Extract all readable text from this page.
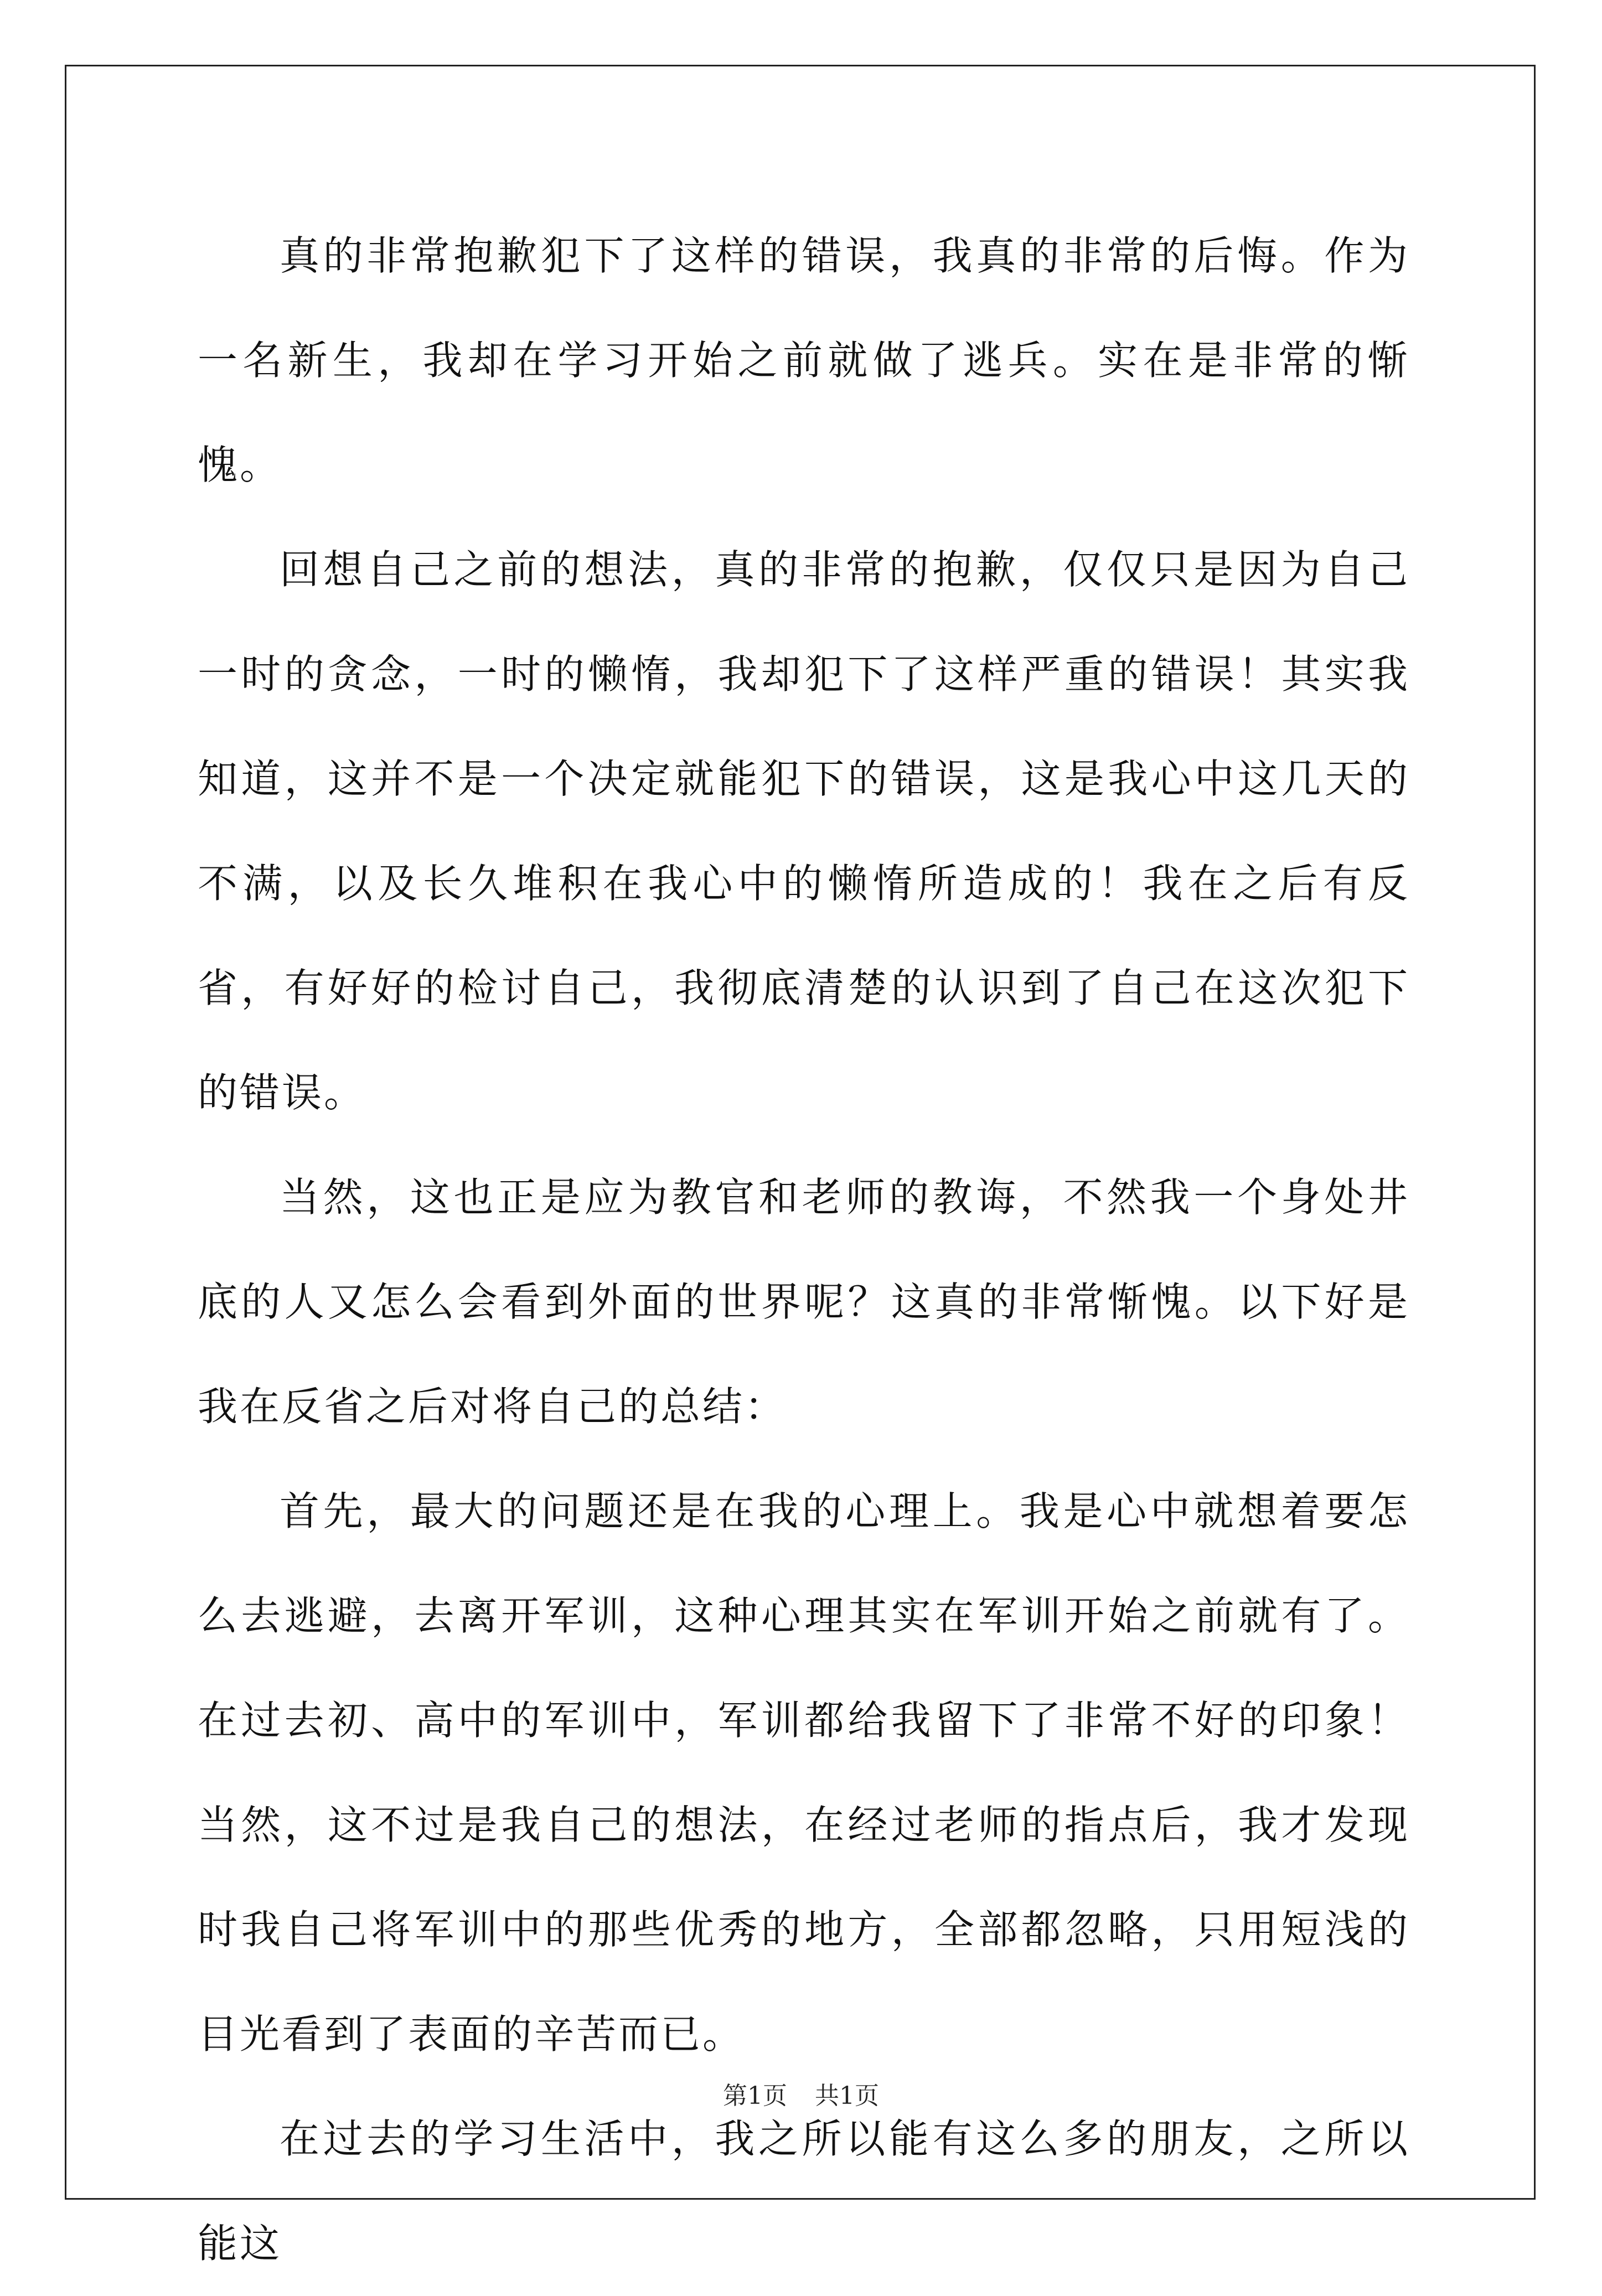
真的非常抱歉犯下了这样的错误，我真的非常的后悔。作为一名新生，我却在学习开始之前就做了逃兵。实在是非常的惭愧。

回想自己之前的想法，真的非常的抱歉，仅仅只是因为自己一时的贪念，一时的懒惰，我却犯下了这样严重的错误！其实我知道，这并不是一个决定就能犯下的错误，这是我心中这几天的不满，以及长久堆积在我心中的懒惰所造成的！我在之后有反省，有好好的检讨自己，我彻底清楚的认识到了自己在这次犯下的错误。

当然，这也正是应为教官和老师的教诲，不然我一个身处井底的人又怎么会看到外面的世界呢？这真的非常惭愧。以下好是我在反省之后对将自己的总结：

首先，最大的问题还是在我的心理上。我是心中就想着要怎么去逃避，去离开军训，这种心理其实在军训开始之前就有了。在过去初、高中的军训中，军训都给我留下了非常不好的印象！当然，这不过是我自己的想法，在经过老师的指点后，我才发现时我自己将军训中的那些优秀的地方，全部都忽略，只用短浅的目光看到了表面的辛苦而已。

在过去的学习生活中，我之所以能有这么多的朋友，之所以能这

第1页 共1页
